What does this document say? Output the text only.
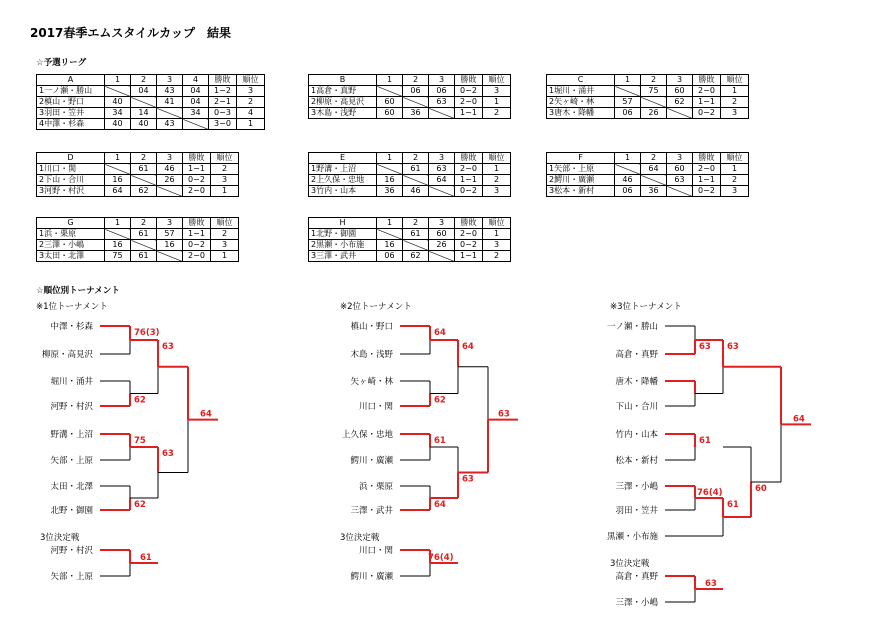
2017春季エムスタイルカップ　結果
☆予選リーグ
☆順位別トーナメント
A	1	2	3	4	勝敗	順位
1一ノ瀬・勝山		04	43	04	1−2	3
2槙山・野口	40		41	04	2−1	2
3羽田・笠井	34	14		34	0−3	4
4中澤・杉森	40	40	43		3−0	1
B	1	2	3	勝敗	順位
1高倉・真野		06	06	0−2	3
2柳原・高見沢	60		63	2−0	1
3木島・浅野	60	36		1−1	2
C	1	2	3	勝敗	順位
1堀川・涌井		75	60	2−0	1
2矢ヶ崎・林	57		62	1−1	2
3唐木・降幡	06	26		0−2	3
D	1	2	3	勝敗	順位
1川口・関		61	46	1−1	2
2下山・合川	16		26	0−2	3
3河野・村沢	64	62		2−0	1
E	1	2	3	勝敗	順位
1野溝・上沼		61	63	2−0	1
2上久保・忠地	16		64	1−1	2
3竹内・山本	36	46		0−2	3
F	1	2	3	勝敗	順位
1矢部・上原		64	60	2−0	1
2鰐川・廣瀬	46		63	1−1	2
3松本・新村	06	36		0−2	3
G	1	2	3	勝敗	順位
1浜・栗原		61	57	1−1	2
2三澤・小嶋	16		16	0−2	3
3太田・北澤	75	61		2−0	1
H	1	2	3	勝敗	順位
1北野・御園		61	60	2−0	1
2黒瀬・小布施	16		26	0−2	3
3三澤・武井	06	62		1−1	2
※1位トーナメント
中澤・杉森
柳原・高見沢
堀川・涌井
河野・村沢
野溝・上沼
矢部・上原
太田・北澤
北野・御園
76(3)
62
75
62
63
63
64
3位決定戦
河野・村沢
矢部・上原
61
※2位トーナメント
槙山・野口
木島・浅野
矢ヶ崎・林
川口・関
上久保・忠地
鰐川・廣瀬
浜・栗原
三澤・武井
64
62
61
64
64
63
63
3位決定戦
川口・関
鰐川・廣瀬
76(4)
※3位トーナメント
一ノ瀬・勝山
高倉・真野
唐木・降幡
下山・合川
竹内・山本
松本・新村
三澤・小嶋
羽田・笠井
黒瀬・小布施
63
61
76(4)
61
63
60
64
3位決定戦
高倉・真野
三澤・小嶋
63
